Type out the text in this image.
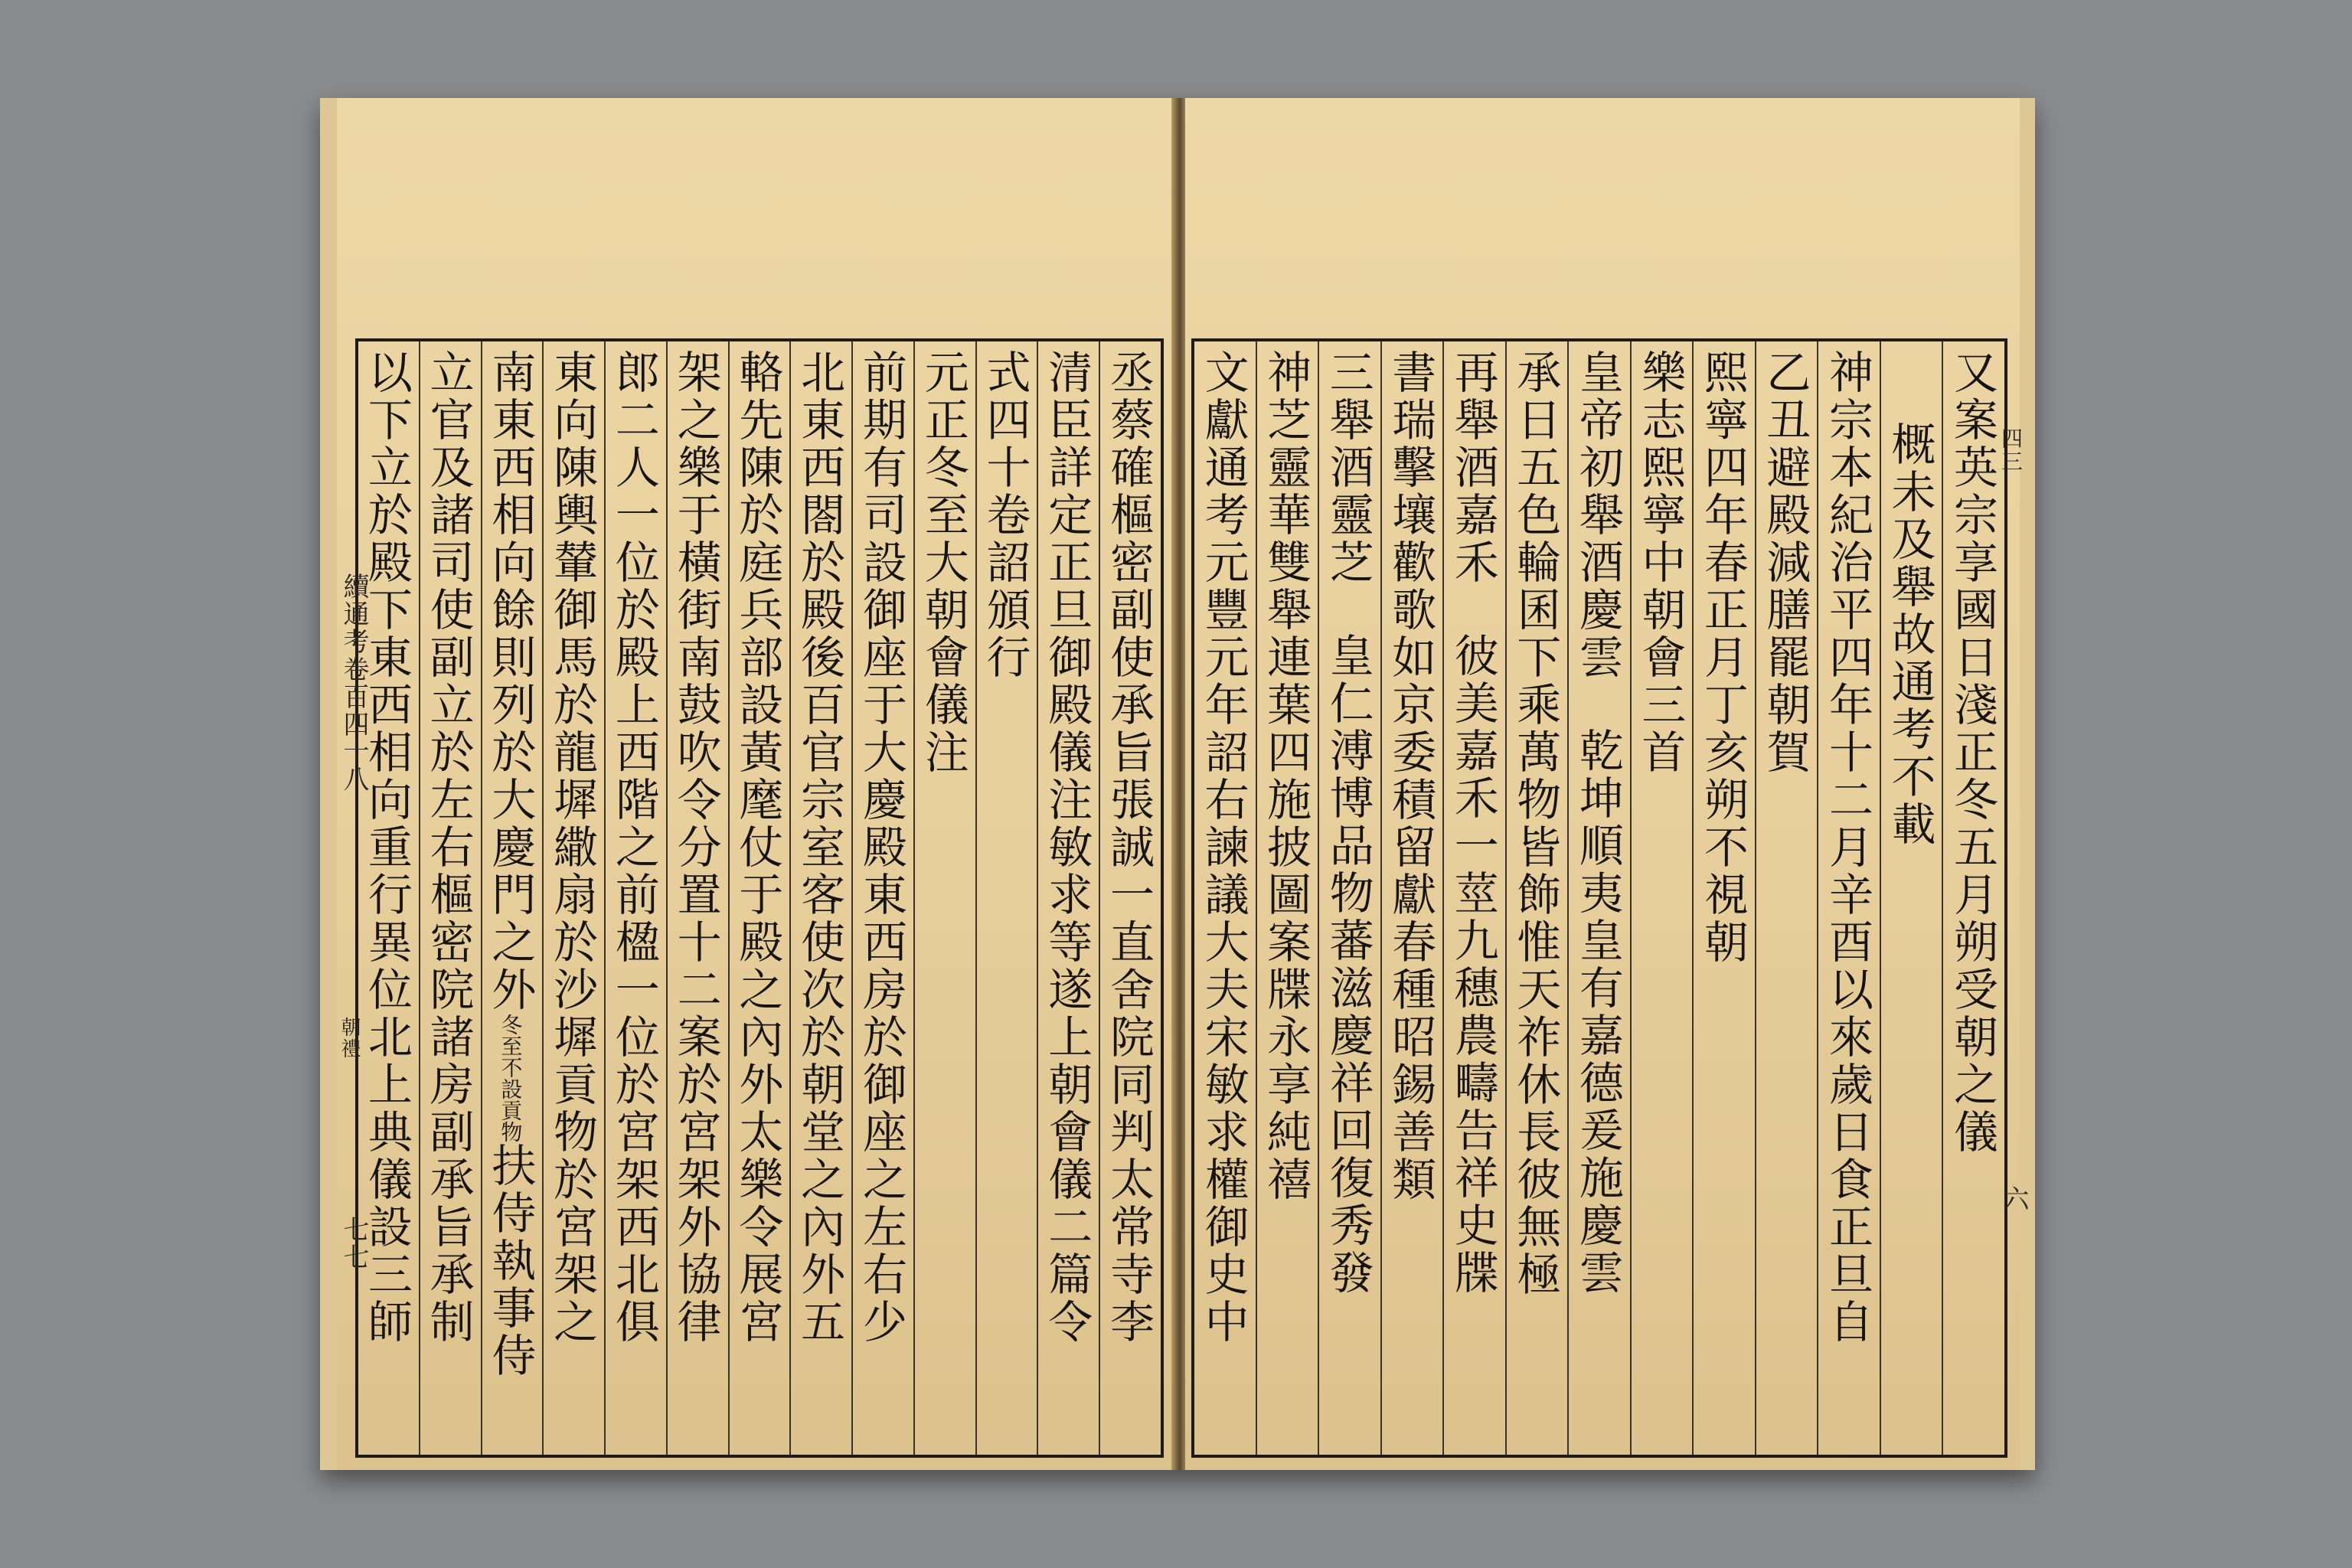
丞蔡確樞密副使承旨張誠一直舍院同判太常寺李
清臣詳定正旦御殿儀注敏求等遂上朝會儀二篇令
式四十卷詔頒行
元正冬至大朝會儀注
前期有司設御座于大慶殿東西房於御座之左右少
北東西閤於殿後百官宗室客使次於朝堂之內外五
輅先陳於庭兵部設黃麾仗于殿之內外太樂令展宮
架之樂于橫街南鼓吹令分置十二案於宮架外協律
郎二人一位於殿上西階之前楹一位於宮架西北俱
東向陳輿輦御馬於龍墀繖扇於沙墀貢物於宮架之
南東西相向餘則列於大慶門之外冬至不設貢物扶侍執事侍
立官及諸司使副立於左右樞密院諸房副承旨承制
以下立於殿下東西相向重行異位北上典儀設三師
續通考卷百四十八
朝禮
七七
又案英宗享國日淺正冬五月朔受朝之儀
概未及舉故通考不載
神宗本紀治平四年十二月辛酉以來歲日食正旦自
乙丑避殿減膳罷朝賀
熙寧四年春正月丁亥朔不視朝
樂志熙寧中朝會三首
皇帝初舉酒慶雲乾坤順夷皇有嘉德爰施慶雲
承日五色輪囷下乘萬物皆飾惟天祚休長彼無極
再舉酒嘉禾彼美嘉禾一莖九穗農疇告祥史牒
書瑞擊壤歡歌如京委積留獻春種昭錫善類
三舉酒靈芝皇仁溥博品物蕃滋慶祥回復秀發
神芝靈華雙舉連葉四施披圖案牒永享純禧
文獻通考元豐元年詔右諫議大夫宋敏求權御史中	四三
六
